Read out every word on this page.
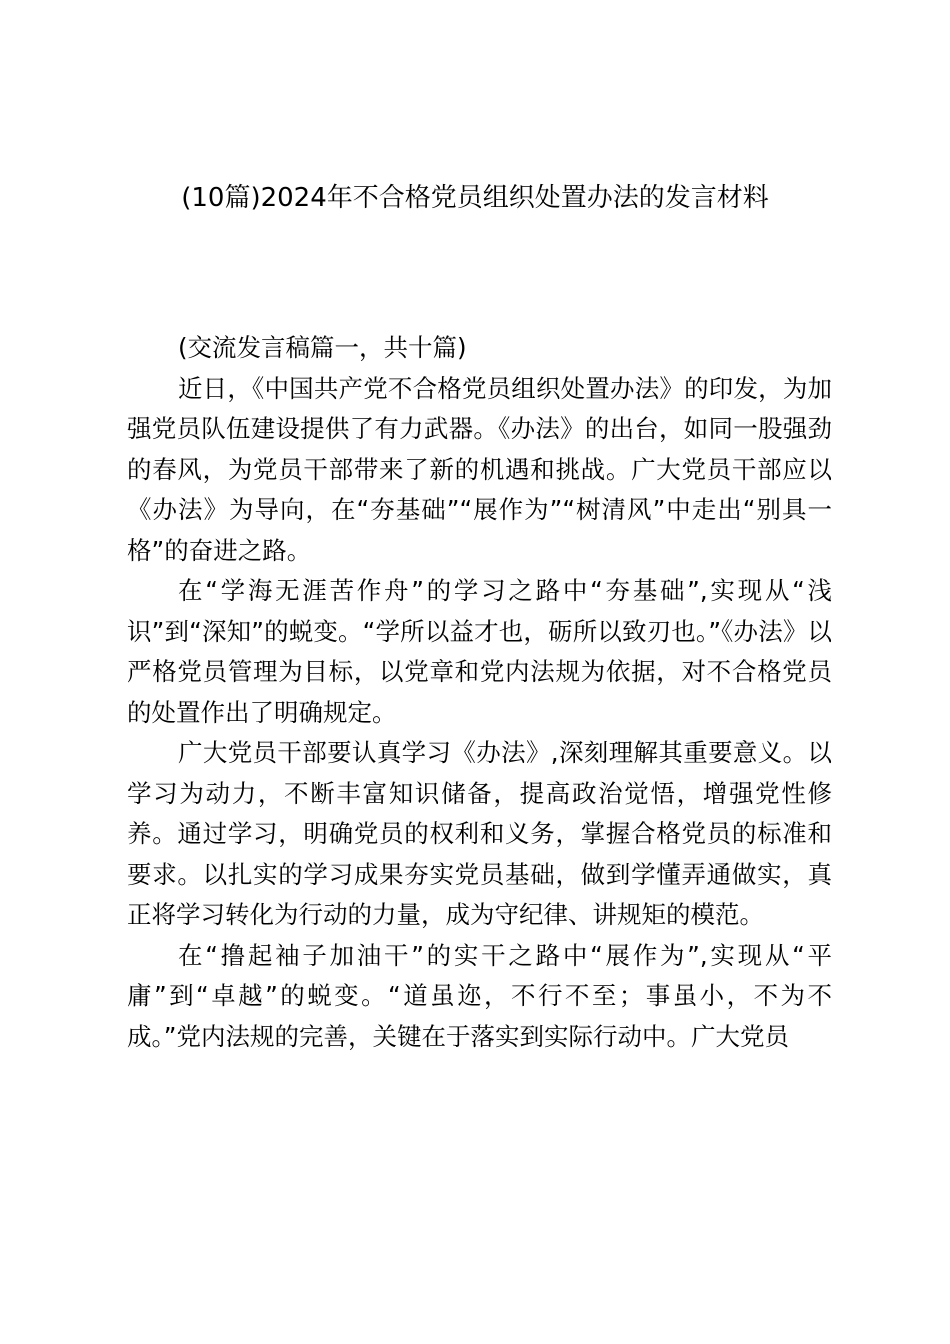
(10篇)2024年不合格党员组织处置办法的发言材料

(交流发言稿篇一，共十篇)

近日，《中国共产党不合格党员组织处置办法》的印发，为加强党员队伍建设提供了有力武器。《办法》的出台，如同一股强劲的春风，为党员干部带来了新的机遇和挑战。广大党员干部应以《办法》为导向，在“夯基础”“展作为”“树清风”中走出“别具一格”的奋进之路。

在“学海无涯苦作舟”的学习之路中“夯基础”,实现从“浅识”到“深知”的蜕变。“学所以益才也，砺所以致刃也。”《办法》以严格党员管理为目标，以党章和党内法规为依据，对不合格党员的处置作出了明确规定。

广大党员干部要认真学习《办法》,深刻理解其重要意义。以学习为动力，不断丰富知识储备，提高政治觉悟，增强党性修养。通过学习，明确党员的权利和义务，掌握合格党员的标准和要求。以扎实的学习成果夯实党员基础，做到学懂弄通做实，真正将学习转化为行动的力量，成为守纪律、讲规矩的模范。

在“撸起袖子加油干”的实干之路中“展作为”,实现从“平庸”到“卓越”的蜕变。“道虽迩，不行不至；事虽小，不为不成。”党内法规的完善，关键在于落实到实际行动中。广大党员
